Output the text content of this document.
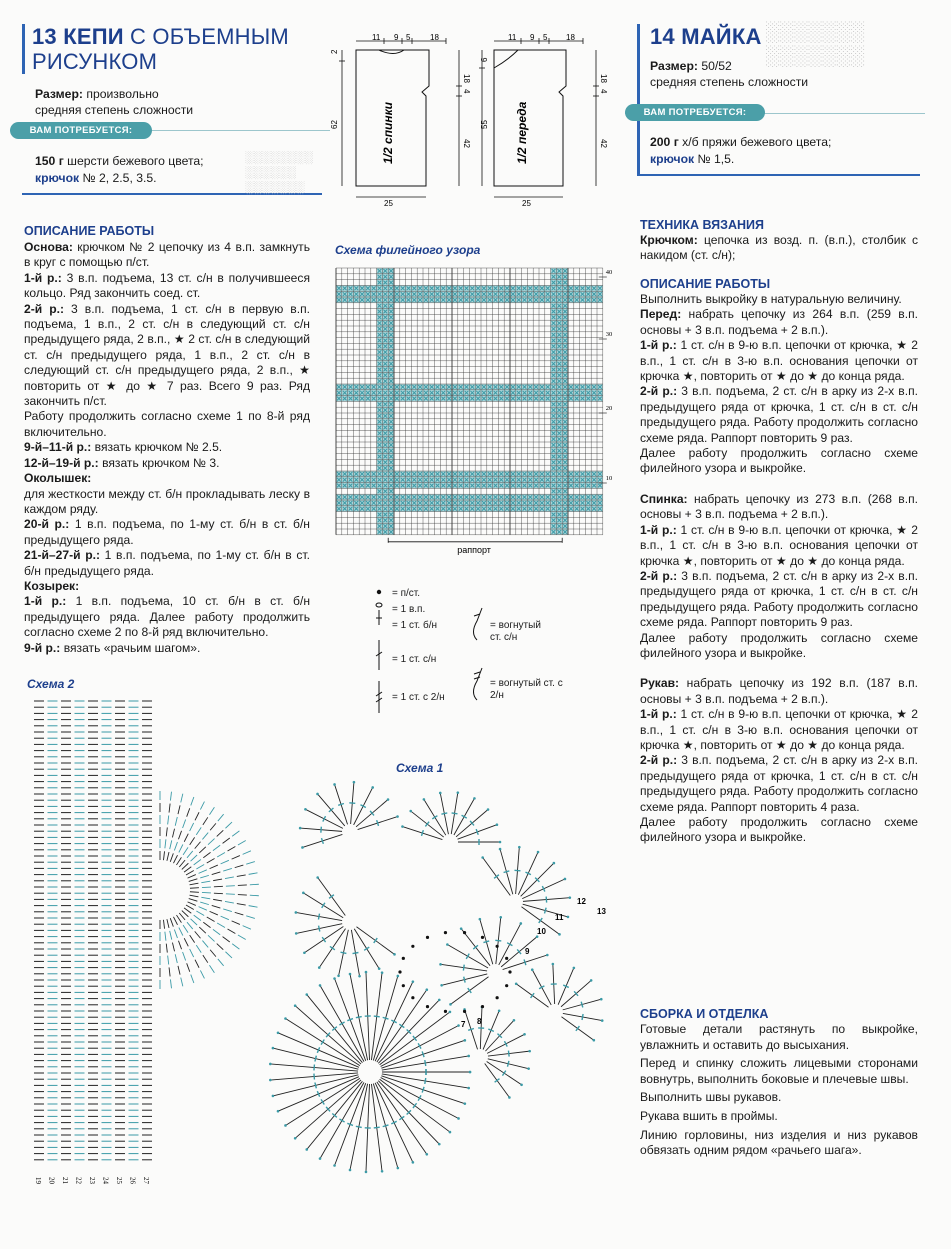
13 КЕПИ С ОБЪЕМНЫМ
РИСУНКОМ
Размер: произвольно
средняя степень сложности
ВАМ ПОТРЕБУЕТСЯ:
150 г шерсти бежевого цвета;
крючок № 2, 2.5, 3.5.
░░░░░░░░
░░░░░░
░░░░░░░
░░░░░░░
░░░░░░░
ОПИСАНИЕ РАБОТЫ

Основа: крючком № 2 цепочку из 4 в.п. замкнуть в круг с помощью п/ст.

1-й р.: 3 в.п. подъема, 13 ст. с/н в получившееся кольцо. Ряд закончить соед. ст.

2-й р.: 3 в.п. подъема, 1 ст. с/н в первую в.п. подъема, 1 в.п., 2 ст. с/н в следующий ст. с/н предыдущего ряда, 2 в.п., ★ 2 ст. с/н в следующий ст. с/н предыдущего ряда, 1 в.п., 2 ст. с/н в следующий ст. с/н предыдущего ряда, 2 в.п., ★ повторить от ★ до ★ 7 раз. Всего 9 раз. Ряд закончить п/ст.

Работу продолжить согласно схеме 1 по 8-й ряд включительно.

9-й–11-й р.: вязать крючком № 2.5.

12-й–19-й р.: вязать крючком № 3.

Околышек:

для жесткости между ст. б/н прокладывать леску в каждом ряду.

20-й р.: 1 в.п. подъема, по 1-му ст. б/н в ст. б/н предыдущего ряда.

21-й–27-й р.: 1 в.п. подъема, по 1-му ст. б/н в ст. б/н предыдущего ряда.

Козырек:

1-й р.: 1 в.п. подъема, 10 ст. б/н в ст. б/н предыдущего ряда. Далее работу продолжить согласно схеме 2 по 8-й ряд включительно.

9-й р.: вязать «рачьим шагом».

11 9 5 18
18
4
42
2
62
25
1/2 спинки
11 9 5 18
18
4
42
6
55
25
1/2 переда
Схема филейного узора
40
30
20
10
раппорт
= п/ст.
= 1 в.п.
= 1 ст. б/н
= 1 ст. с/н
= 1 ст. с 2/н
= вогнутый ст. с/н
= вогнутый ст. с 2/н
Схема 2
19 20 21 22 23 24 25 26 27
Схема 1
13
12
11
10
9
8
7
14 МАЙКА
Размер: 50/52
средняя степень сложности
ВАМ ПОТРЕБУЕТСЯ:
200 г х/б пряжи бежевого цвета;
крючок № 1,5.
ТЕХНИКА ВЯЗАНИЯ

Крючком: цепочка из возд. п. (в.п.), столбик с накидом (ст. с/н);

ОПИСАНИЕ РАБОТЫ

Выполнить выкройку в натуральную величину.

Перед: набрать цепочку из 264 в.п. (259 в.п. основы + 3 в.п. подъема + 2 в.п.).

1-й р.: 1 ст. с/н в 9-ю в.п. цепочки от крючка, ★ 2 в.п., 1 ст. с/н в 3-ю в.п. основания цепочки от крючка ★, повторить от ★ до ★ до конца ряда.

2-й р.: 3 в.п. подъема, 2 ст. с/н в арку из 2-х в.п. предыдущего ряда от крючка, 1 ст. с/н в ст. с/н предыдущего ряда. Работу продолжить согласно схеме ряда. Раппорт повторить 9 раз.

Далее работу продолжить согласно схеме филейного узора и выкройке.

Спинка: набрать цепочку из 273 в.п. (268 в.п. основы + 3 в.п. подъема + 2 в.п.).

1-й р.: 1 ст. с/н в 9-ю в.п. цепочки от крючка, ★ 2 в.п., 1 ст. с/н в 3-ю в.п. основания цепочки от крючка ★, повторить от ★ до ★ до конца ряда.

2-й р.: 3 в.п. подъема, 2 ст. с/н в арку из 2-х в.п. предыдущего ряда от крючка, 1 ст. с/н в ст. с/н предыдущего ряда. Работу продолжить согласно схеме ряда. Раппорт повторить 9 раз.

Далее работу продолжить согласно схеме филейного узора и выкройке.

Рукав: набрать цепочку из 192 в.п. (187 в.п. основы + 3 в.п. подъема + 2 в.п.).

1-й р.: 1 ст. с/н в 9-ю в.п. цепочки от крючка, ★ 2 в.п., 1 ст. с/н в 3-ю в.п. основания цепочки от крючка ★, повторить от ★ до ★ до конца ряда.

2-й р.: 3 в.п. подъема, 2 ст. с/н в арку из 2-х в.п. предыдущего ряда от крючка, 1 ст. с/н в ст. с/н предыдущего ряда. Работу продолжить согласно схеме ряда. Раппорт повторить 4 раза.

Далее работу продолжить согласно схеме филейного узора и выкройке.

СБОРКА И ОТДЕЛКА

Готовые детали растянуть по выкройке, увлажнить и оставить до высыхания.

Перед и спинку сложить лицевыми сторонами вовнутрь, выполнить боковые и плечевые швы.

Выполнить швы рукавов.

Рукава вшить в проймы.

Линию горловины, низ изделия и низ рукавов обвязать одним рядом «рачьего шага».
